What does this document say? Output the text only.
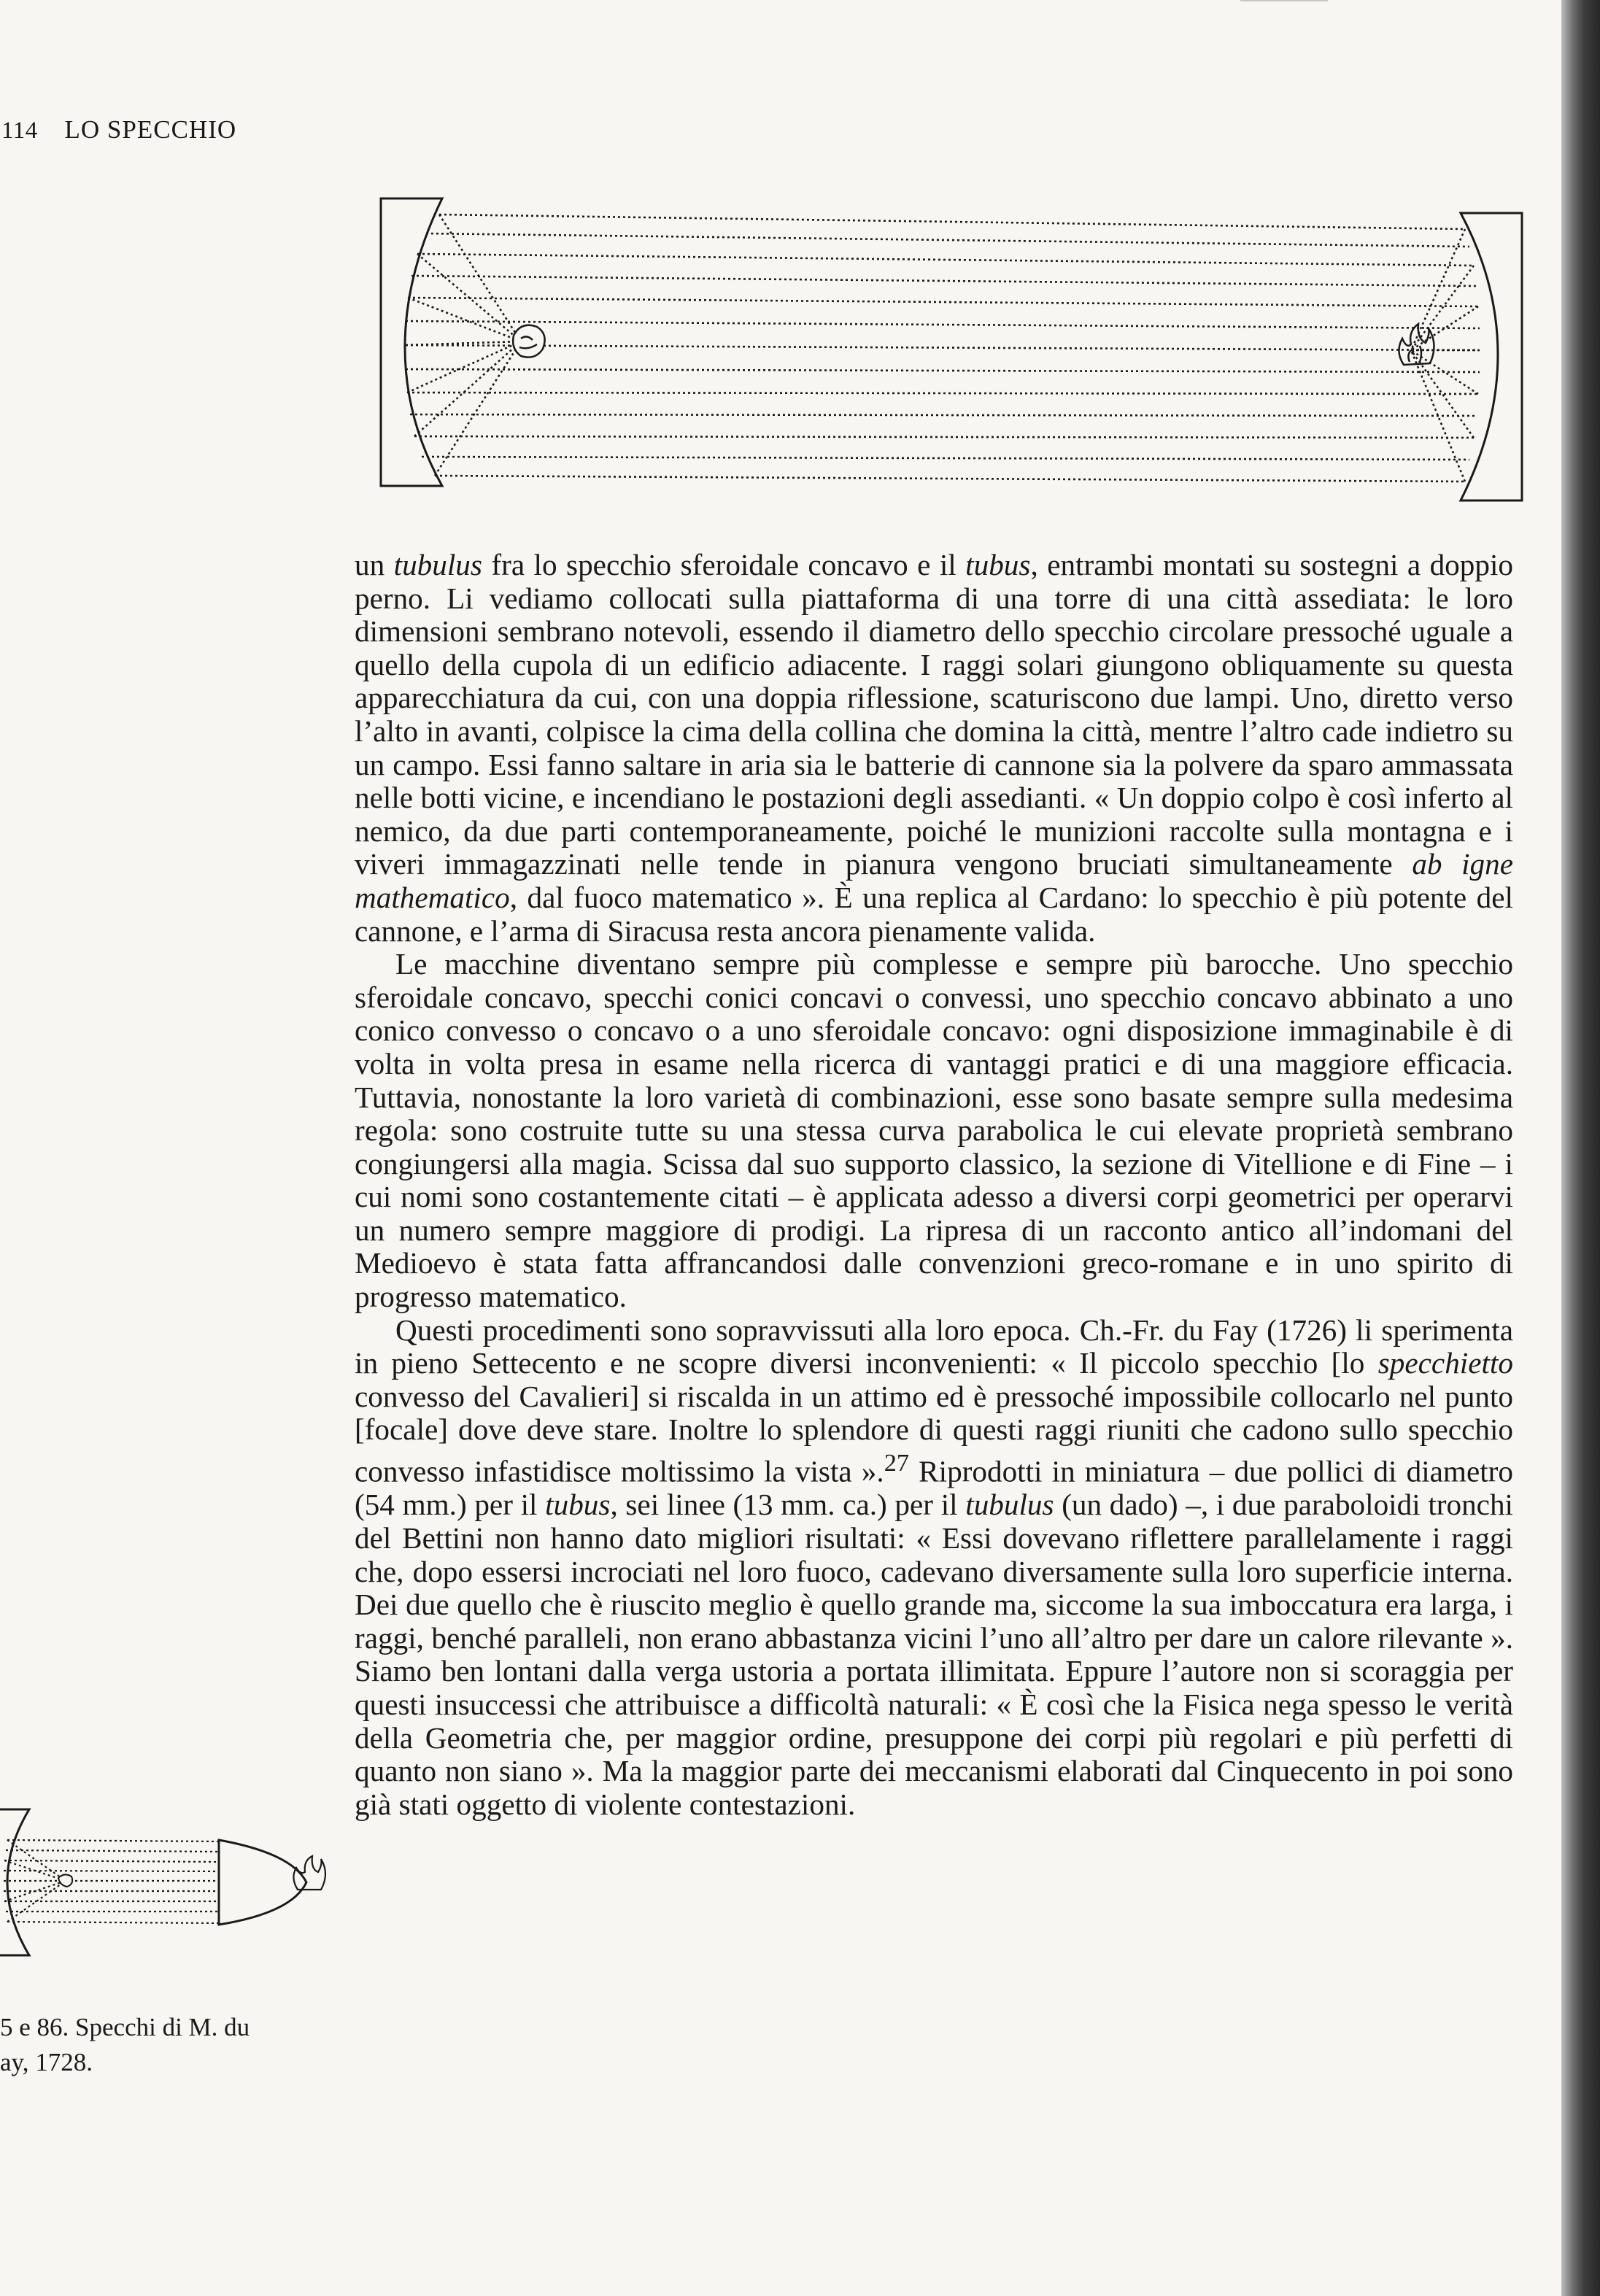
114 LO SPECCHIO
5 e 86. Specchi di M. du
ay, 1728.

un tubulus fra lo specchio sferoidale concavo e il tubus, entrambi montati su sostegni a doppio perno. Li vediamo collocati sulla piattaforma di una torre di una città assediata: le loro dimensioni sembrano notevoli, essendo il diametro dello specchio circolare pressoché uguale a quello della cupola di un edificio adiacente. I raggi solari giungono obliquamente su questa apparecchiatura da cui, con una doppia riflessione, scaturiscono due lampi. Uno, diretto verso l’alto in avanti, colpisce la cima della collina che domina la città, mentre l’altro cade indietro su un campo. Essi fanno saltare in aria sia le batterie di cannone sia la polvere da sparo ammassata nelle botti vicine, e incendiano le postazioni degli assedianti. « Un doppio colpo è così inferto al nemico, da due parti contemporaneamente, poiché le munizioni raccolte sulla montagna e i viveri immagazzinati nelle tende in pianura vengono bruciati simultaneamente ab igne mathematico, dal fuoco matematico ». È una replica al Cardano: lo specchio è più potente del cannone, e l’arma di Siracusa resta ancora pienamente valida.

Le macchine diventano sempre più complesse e sempre più barocche. Uno specchio sferoidale concavo, specchi conici concavi o convessi, uno specchio concavo abbinato a uno conico convesso o concavo o a uno sferoidale concavo: ogni disposizione immaginabile è di volta in volta presa in esame nella ricerca di vantaggi pratici e di una maggiore efficacia. Tuttavia, nonostante la loro varietà di combinazioni, esse sono basate sempre sulla medesima regola: sono costruite tutte su una stessa curva parabolica le cui elevate proprietà sembrano congiungersi alla magia. Scissa dal suo supporto classico, la sezione di Vitellione e di Fine – i cui nomi sono costantemente citati – è applicata adesso a diversi corpi geometrici per operarvi un numero sempre maggiore di prodigi. La ripresa di un racconto antico all’indomani del Medioevo è stata fatta affrancandosi dalle convenzioni greco-romane e in uno spirito di progresso matematico.

Questi procedimenti sono sopravvissuti alla loro epoca. Ch.-Fr. du Fay (1726) li sperimenta in pieno Settecento e ne scopre diversi inconvenienti: « Il piccolo specchio [lo specchietto convesso del Cavalieri] si riscalda in un attimo ed è pressoché impossibile collocarlo nel punto [focale] dove deve stare. Inoltre lo splendore di questi raggi riuniti che cadono sullo specchio convesso infastidisce moltissimo la vista ».$^{27}$ Riprodotti in miniatura – due pollici di diametro (54 mm.) per il tubus, sei linee (13 mm. ca.) per il tubulus (un dado) –, i due paraboloidi tronchi del Bettini non hanno dato migliori risultati: « Essi dovevano riflettere parallelamente i raggi che, dopo essersi incrociati nel loro fuoco, cadevano diversamente sulla loro superficie interna. Dei due quello che è riuscito meglio è quello grande ma, siccome la sua imboccatura era larga, i raggi, benché paralleli, non erano abbastanza vicini l’uno all’altro per dare un calore rilevante ». Siamo ben lontani dalla verga ustoria a portata illimitata. Eppure l’autore non si scoraggia per questi insuccessi che attribuisce a difficoltà naturali: « È così che la Fisica nega spesso le verità della Geometria che, per maggior ordine, presuppone dei corpi più regolari e più perfetti di quanto non siano ». Ma la maggior parte dei meccanismi elaborati dal Cinquecento in poi sono già stati oggetto di violente contestazioni.
